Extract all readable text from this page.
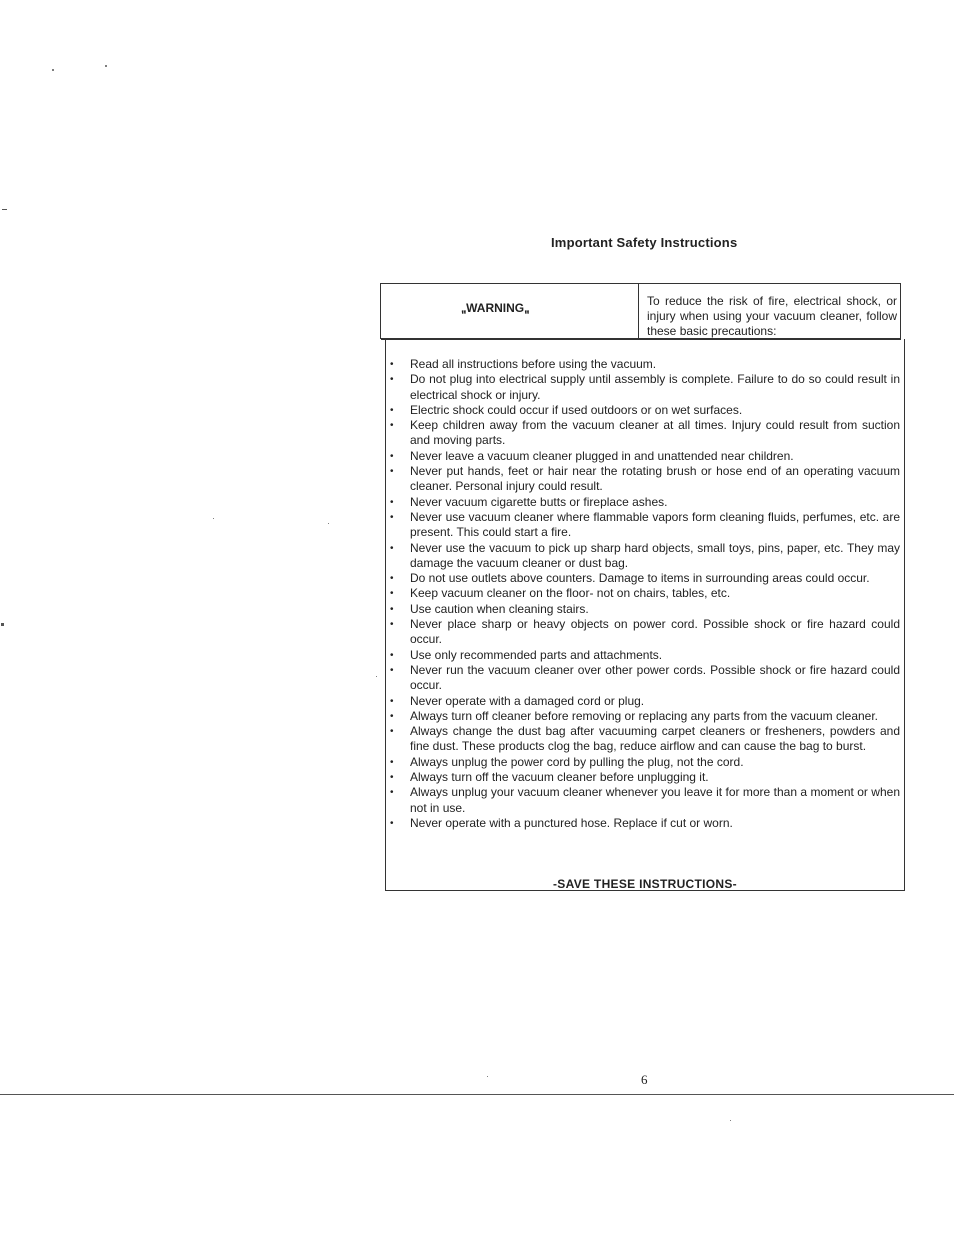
Important Safety Instructions
⹂WARNING⹂	To reduce the risk of fire, electrical shock, or injury when using your vacuum cleaner, follow these basic precautions:
• Read all instructions before using the vacuum.
• Do not plug into electrical supply until assembly is complete. Failure to do so could result in electrical shock or injury.
• Electric shock could occur if used outdoors or on wet surfaces.
• Keep children away from the vacuum cleaner at all times. Injury could result from suction and moving parts.
• Never leave a vacuum cleaner plugged in and unattended near children.
• Never put hands, feet or hair near the rotating brush or hose end of an operating vacuum cleaner. Personal injury could result.
• Never vacuum cigarette butts or fireplace ashes.
• Never use vacuum cleaner where flammable vapors form cleaning fluids, perfumes, etc. are present. This could start a fire.
• Never use the vacuum to pick up sharp hard objects, small toys, pins, paper, etc. They may damage the vacuum cleaner or dust bag.
• Do not use outlets above counters. Damage to items in surrounding areas could occur.
• Keep vacuum cleaner on the floor- not on chairs, tables, etc.
• Use caution when cleaning stairs.
• Never place sharp or heavy objects on power cord. Possible shock or fire hazard could occur.
• Use only recommended parts and attachments.
• Never run the vacuum cleaner over other power cords. Possible shock or fire hazard could occur.
• Never operate with a damaged cord or plug.
• Always turn off cleaner before removing or replacing any parts from the vacuum cleaner.
• Always change the dust bag after vacuuming carpet cleaners or fresheners, powders and fine dust. These products clog the bag, reduce airflow and can cause the bag to burst.
• Always unplug the power cord by pulling the plug, not the cord.
• Always turn off the vacuum cleaner before unplugging it.
• Always unplug your vacuum cleaner whenever you leave it for more than a moment or when not in use.
• Never operate with a punctured hose. Replace if cut or worn.
-SAVE THESE INSTRUCTIONS-
6
